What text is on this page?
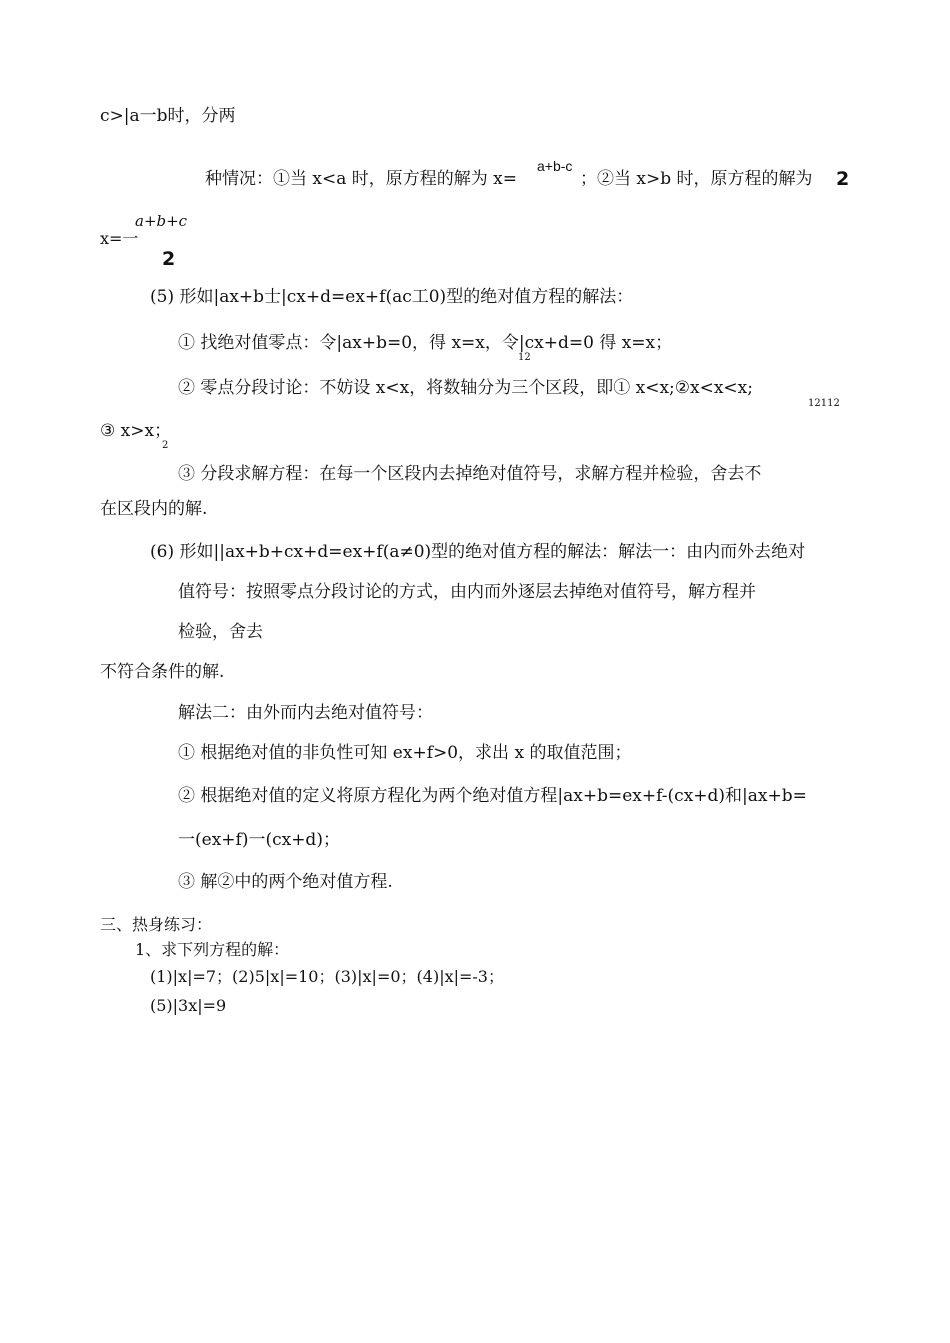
c>|a一b时，分两
种情况：①当 x<a 时，原方程的解为 x=
a+b-c
；②当 x>b 时，原方程的解为 2
a+b+c
x=一
2
(5) 形如|ax+b士|cx+d=ex+f(ac工0)型的绝对值方程的解法：
① 找绝对值零点：令|ax+b=0，得 x=x，令|cx+d=0 得 x=x；
12
② 零点分段讨论：不妨设 x<x，将数轴分为三个区段，即① x<x;②x<x<x;
12112
③ x>x；
2
③ 分段求解方程：在每一个区段内去掉绝对值符号，求解方程并检验，舍去不
在区段内的解.
(6) 形如||ax+b+cx+d=ex+f(a≠0)型的绝对值方程的解法：解法一：由内而外去绝对
值符号：按照零点分段讨论的方式，由内而外逐层去掉绝对值符号，解方程并
检验，舍去
不符合条件的解.
解法二：由外而内去绝对值符号：
① 根据绝对值的非负性可知 ex+f>0，求出 x 的取值范围；
② 根据绝对值的定义将原方程化为两个绝对值方程|ax+b=ex+f-(cx+d)和|ax+b=
一(ex+f)一(cx+d)；
③ 解②中的两个绝对值方程.
三、热身练习：
1、求下列方程的解：
(1)|x|=7；(2)5|x|=10；(3)|x|=0；(4)|x|=-3；
(5)|3x|=9
